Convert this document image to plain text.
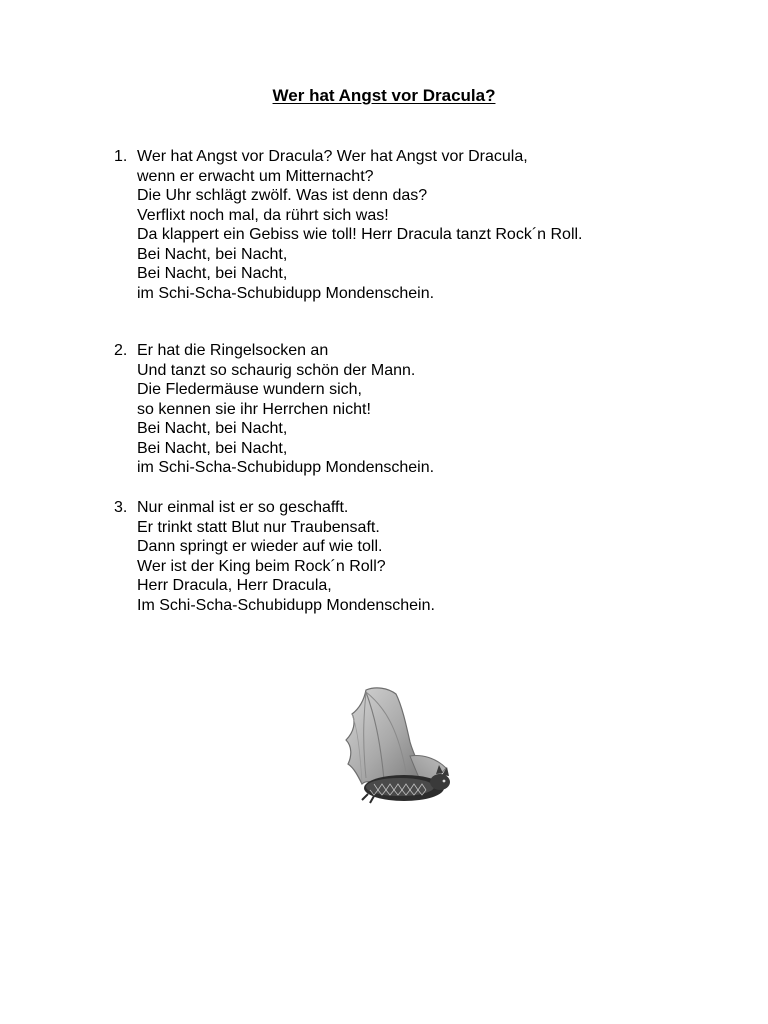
Wer hat Angst vor Dracula?
1. Wer hat Angst vor Dracula? Wer hat Angst vor Dracula,
wenn er erwacht um Mitternacht?
Die Uhr schlägt zwölf. Was ist denn das?
Verflixt noch mal, da rührt sich was!
Da klappert ein Gebiss wie toll! Herr Dracula tanzt Rock´n Roll.
Bei Nacht, bei Nacht,
Bei Nacht, bei Nacht,
im Schi-Scha-Schubidupp Mondenschein.
2. Er hat die Ringelsocken an
Und tanzt so schaurig schön der Mann.
Die Fledermäuse wundern sich,
so kennen sie ihr Herrchen nicht!
Bei Nacht, bei Nacht,
Bei Nacht, bei Nacht,
im Schi-Scha-Schubidupp Mondenschein.
3. Nur einmal ist er so geschafft.
Er trinkt statt Blut nur Traubensaft.
Dann springt er wieder auf wie toll.
Wer ist der King beim Rock´n Roll?
Herr Dracula, Herr Dracula,
Im Schi-Scha-Schubidupp Mondenschein.
